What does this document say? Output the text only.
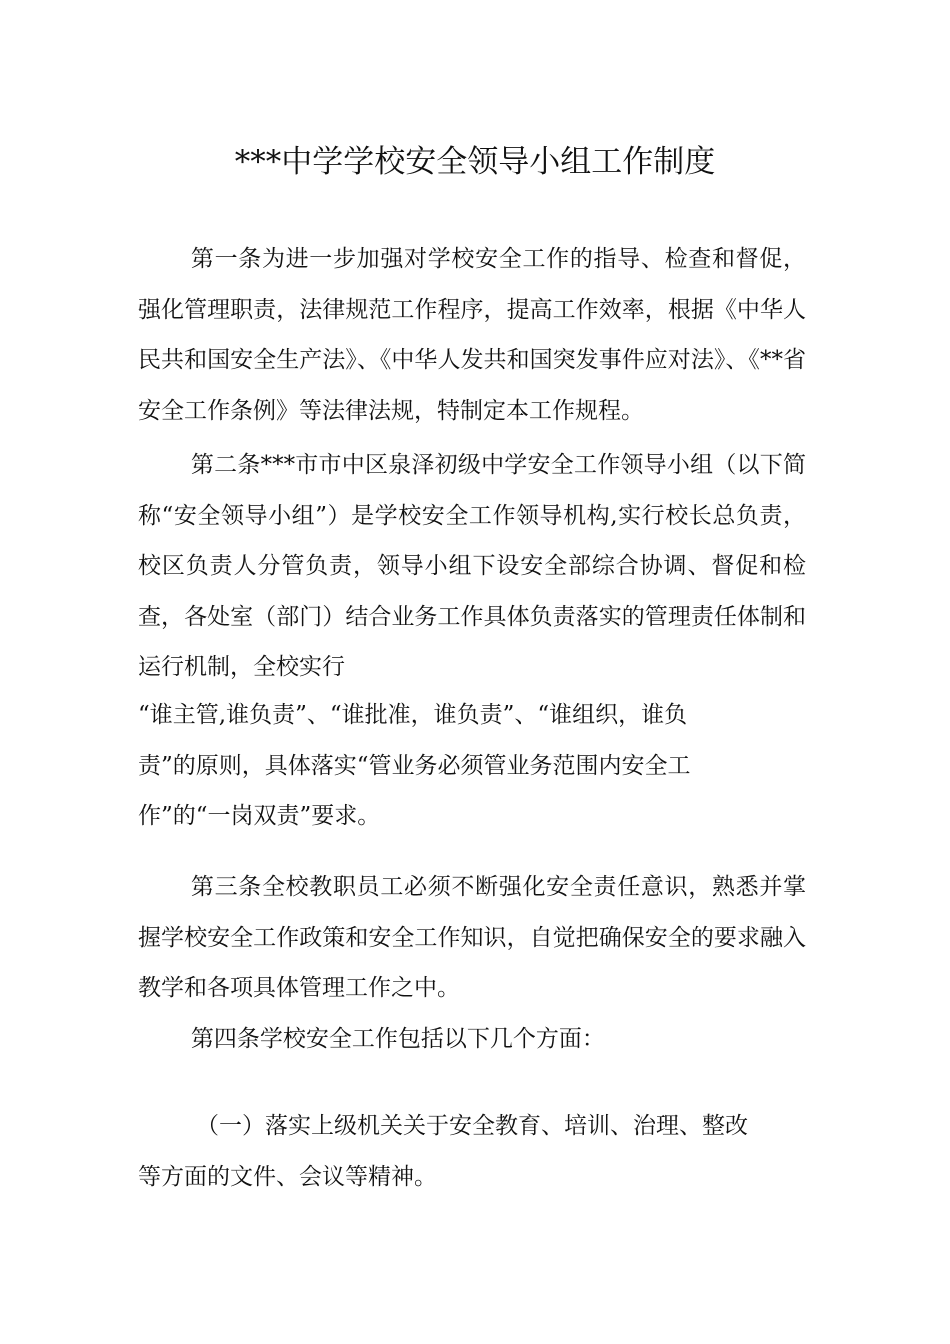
***中学学校安全领导小组工作制度

第一条为进一步加强对学校安全工作的指导、检查和督促，强化管理职责，法律规范工作程序，提高工作效率，根据《中华人民共和国安全生产法》、《中华人发共和国突发事件应对法》、《**省安全工作条例》等法律法规，特制定本工作规程。

第二条***市市中区泉泽初级中学安全工作领导小组（以下简称“安全领导小组”）是学校安全工作领导机构,实行校长总负责，校区负责人分管负责，领导小组下设安全部综合协调、督促和检查，各处室（部门）结合业务工作具体负责落实的管理责任体制和运行机制，全校实行

“谁主管,谁负责”、“谁批准，谁负责”、“谁组织，谁负
责”的原则，具体落实“管业务必须管业务范围内安全工
作”的“一岗双责”要求。

第三条全校教职员工必须不断强化安全责任意识，熟悉并掌握学校安全工作政策和安全工作知识，自觉把确保安全的要求融入教学和各项具体管理工作之中。

第四条学校安全工作包括以下几个方面：

（一）落实上级机关关于安全教育、培训、治理、整改
等方面的文件、会议等精神。
